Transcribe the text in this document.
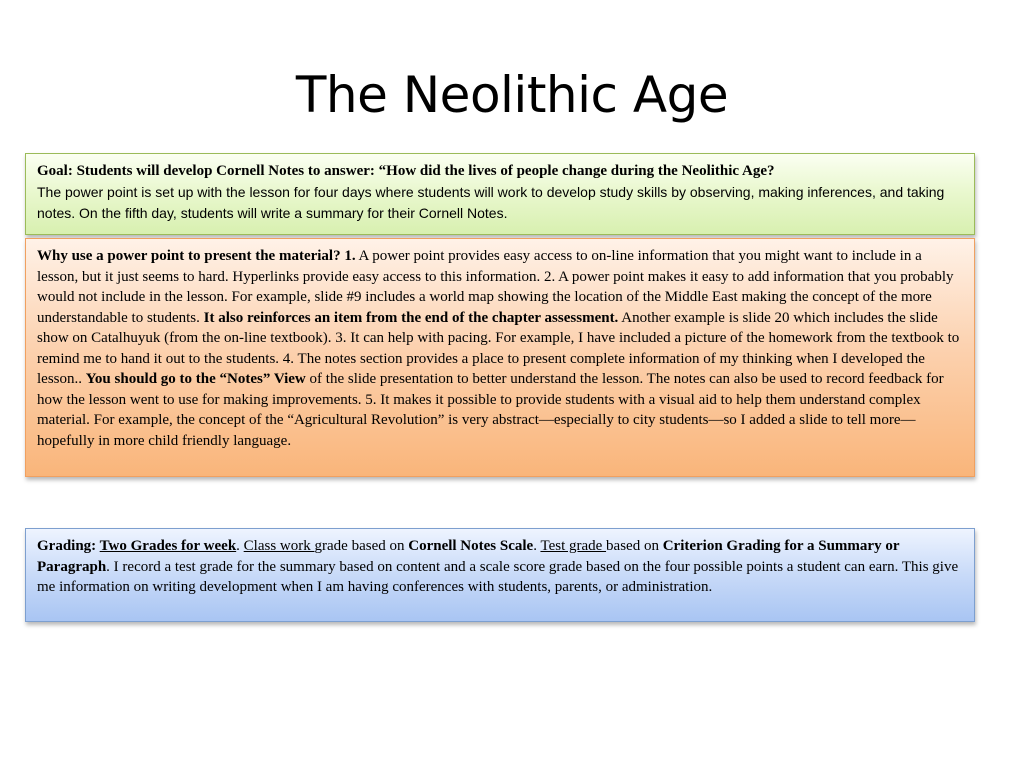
The Neolithic Age
Goal: Students will develop Cornell Notes to answer: “How did the lives of people change during the Neolithic Age?
The power point is set up with the lesson for four days where students will work to develop study skills by observing, making inferences, and taking notes. On the fifth day, students will write a summary for their Cornell Notes.
Why use a power point to present the material? 1. A power point provides easy access to on-line information that you might want to include in a lesson, but it just seems to hard. Hyperlinks provide easy access to this information. 2. A power point makes it easy to add information that you probably would not include in the lesson. For example, slide #9 includes a world map showing the location of the Middle East making the concept of the more understandable to students. It also reinforces an item from the end of the chapter assessment. Another example is slide 20 which includes the slide show on Catalhuyuk (from the on-line textbook). 3. It can help with pacing. For example, I have included a picture of the homework from the textbook to remind me to hand it out to the students. 4. The notes section provides a place to present complete information of my thinking when I developed the lesson.. You should go to the “Notes” View of the slide presentation to better understand the lesson. The notes can also be used to record feedback for how the lesson went to use for making improvements. 5. It makes it possible to provide students with a visual aid to help them understand complex material. For example, the concept of the “Agricultural Revolution” is very abstract—especially to city students—so I added a slide to tell more—hopefully in more child friendly language.
Grading: Two Grades for week. Class work grade based on Cornell Notes Scale. Test grade based on Criterion Grading for a Summary or Paragraph. I record a test grade for the summary based on content and a scale score grade based on the four possible points a student can earn. This give me information on writing development when I am having conferences with students, parents, or administration.
